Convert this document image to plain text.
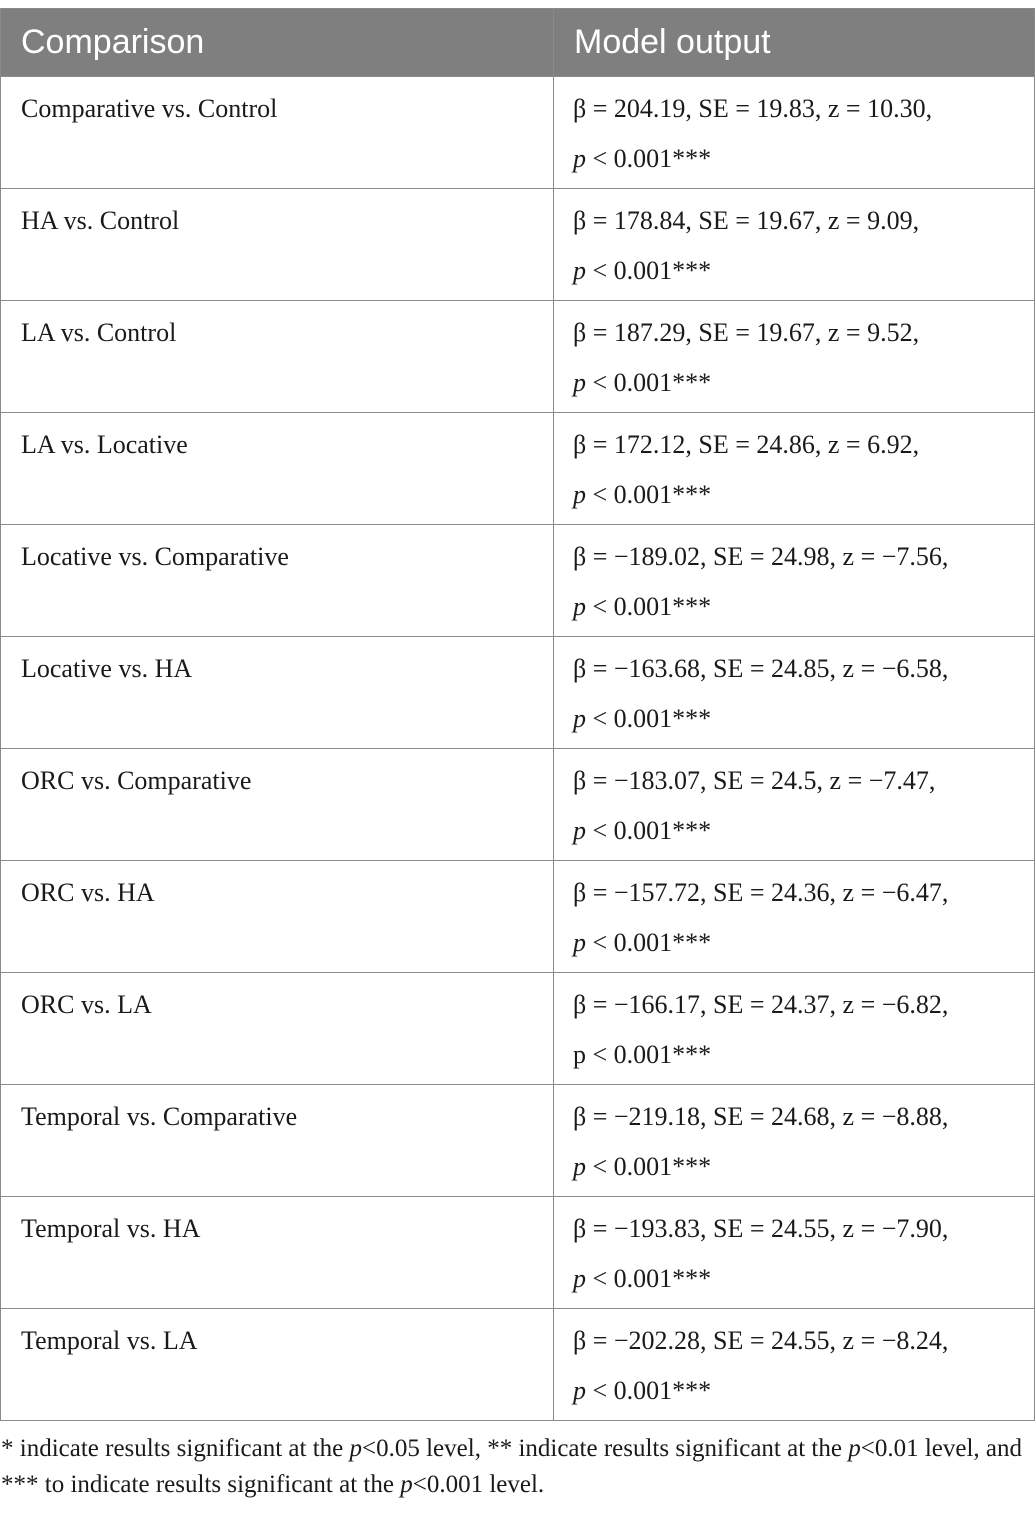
Comparison	Model output
Comparative vs. Control	β = 204.19, SE = 19.83, z = 10.30,
p < 0.001***

HA vs. Control	β = 178.84, SE = 19.67, z = 9.09,
p < 0.001***

LA vs. Control	β = 187.29, SE = 19.67, z = 9.52,
p < 0.001***

LA vs. Locative	β = 172.12, SE = 24.86, z = 6.92,
p < 0.001***

Locative vs. Comparative	β = −189.02, SE = 24.98, z = −7.56,
p < 0.001***

Locative vs. HA	β = −163.68, SE = 24.85, z = −6.58,
p < 0.001***

ORC vs. Comparative	β = −183.07, SE = 24.5, z = −7.47,
p < 0.001***

ORC vs. HA	β = −157.72, SE = 24.36, z = −6.47,
p < 0.001***

ORC vs. LA	β = −166.17, SE = 24.37, z = −6.82,
p < 0.001***

Temporal vs. Comparative	β = −219.18, SE = 24.68, z = −8.88,
p < 0.001***

Temporal vs. HA	β = −193.83, SE = 24.55, z = −7.90,
p < 0.001***

Temporal vs. LA	β = −202.28, SE = 24.55, z = −8.24,
p < 0.001***
* indicate results significant at the p<0.05 level, ** indicate results significant at the p<0.01 level, and *** to indicate results significant at the p<0.001 level.
